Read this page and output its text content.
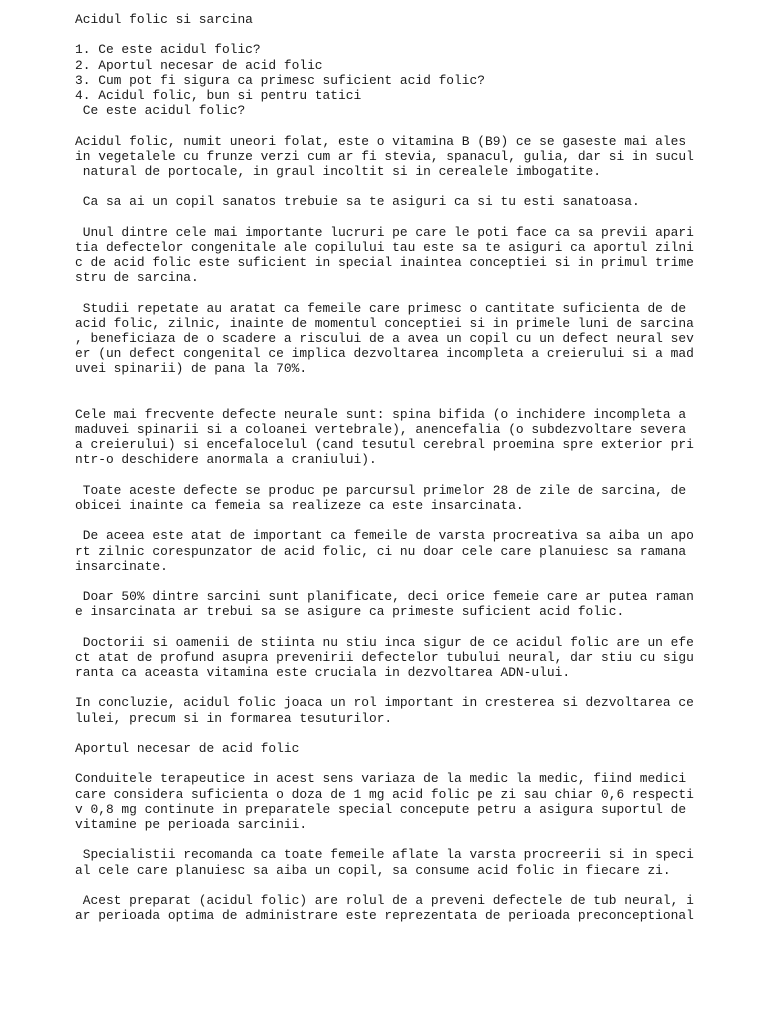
Acidul folic si sarcina
1. Ce este acidul folic?
2. Aportul necesar de acid folic
3. Cum pot fi sigura ca primesc suficient acid folic?
4. Acidul folic, bun si pentru tatici
Ce este acidul folic?
Acidul folic, numit uneori folat, este o vitamina B (B9) ce se gaseste mai ales
in vegetalele cu frunze verzi cum ar fi stevia, spanacul, gulia, dar si in sucul
natural de portocale, in graul incoltit si in cerealele imbogatite.
Ca sa ai un copil sanatos trebuie sa te asiguri ca si tu esti sanatoasa.
Unul dintre cele mai importante lucruri pe care le poti face ca sa previi apari
tia defectelor congenitale ale copilului tau este sa te asiguri ca aportul zilni
c de acid folic este suficient in special inaintea conceptiei si in primul trime
stru de sarcina.
Studii repetate au aratat ca femeile care primesc o cantitate suficienta de de
acid folic, zilnic, inainte de momentul conceptiei si in primele luni de sarcina
, beneficiaza de o scadere a riscului de a avea un copil cu un defect neural sev
er (un defect congenital ce implica dezvoltarea incompleta a creierului si a mad
uvei spinarii) de pana la 70%.
Cele mai frecvente defecte neurale sunt: spina bifida (o inchidere incompleta a
maduvei spinarii si a coloanei vertebrale), anencefalia (o subdezvoltare severa
a creierului) si encefalocelul (cand tesutul cerebral proemina spre exterior pri
ntr-o deschidere anormala a craniului).
Toate aceste defecte se produc pe parcursul primelor 28 de zile de sarcina, de
obicei inainte ca femeia sa realizeze ca este insarcinata.
De aceea este atat de important ca femeile de varsta procreativa sa aiba un apo
rt zilnic corespunzator de acid folic, ci nu doar cele care planuiesc sa ramana
insarcinate.
Doar 50% dintre sarcini sunt planificate, deci orice femeie care ar putea raman
e insarcinata ar trebui sa se asigure ca primeste suficient acid folic.
Doctorii si oamenii de stiinta nu stiu inca sigur de ce acidul folic are un efe
ct atat de profund asupra prevenirii defectelor tubului neural, dar stiu cu sigu
ranta ca aceasta vitamina este cruciala in dezvoltarea ADN-ului.
In concluzie, acidul folic joaca un rol important in cresterea si dezvoltarea ce
lulei, precum si in formarea tesuturilor.
Aportul necesar de acid folic
Conduitele terapeutice in acest sens variaza de la medic la medic, fiind medici
care considera suficienta o doza de 1 mg acid folic pe zi sau chiar 0,6 respecti
v 0,8 mg continute in preparatele special concepute petru a asigura suportul de
vitamine pe perioada sarcinii.
Specialistii recomanda ca toate femeile aflate la varsta procreerii si in speci
al cele care planuiesc sa aiba un copil, sa consume acid folic in fiecare zi.
Acest preparat (acidul folic) are rolul de a preveni defectele de tub neural, i
ar perioada optima de administrare este reprezentata de perioada preconceptional
